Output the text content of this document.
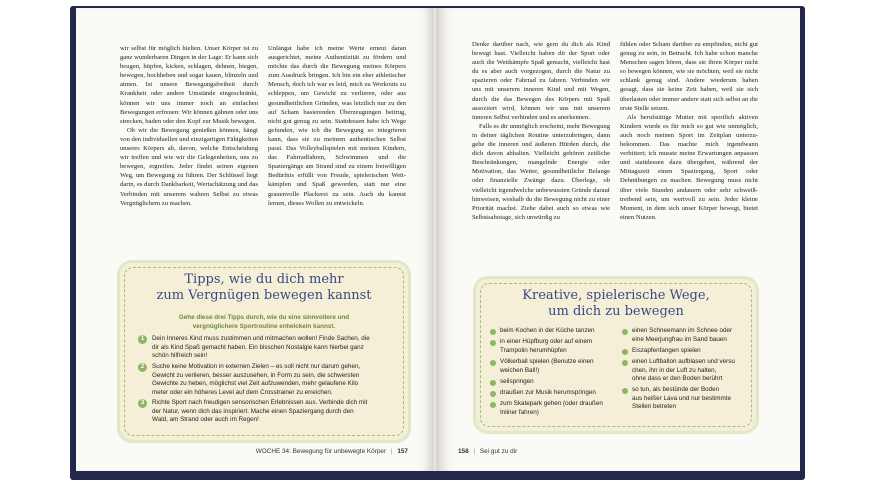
wir selbst für möglich hielten. Unser Körper ist zu ganz wunderbaren Dingen in der Lage: Er kann sich beugen, hüpfen, kicken, schlagen, dehnen, biegen, bewegen, hochheben und sogar kauen, blinzeln und atmen. Ist unsere Bewegungsfreiheit durch Krankheit oder andere Umstände eingeschränkt, können wir uns immer noch an einfachen Bewegungen erfreuen: Wir können gähnen oder uns strecken, baden oder den Kopf zur Musik bewegen.

Ob wir die Bewegung genießen können, hängt von den individuellen und einzigartigen Fähigkeiten unseres Körpers ab, davon, welche Entscheidung wir treffen und wie wir die Gelegenheiten, uns zu bewegen, ergreifen. Jeder findet seinen eigenen Weg, um Bewegung zu führen. Der Schlüssel liegt darin, es durch Dankbarkeit, Wertschätzung und das Verbinden mit unserem wahren Selbst zu etwas Vergnüglichem zu machen.

Unlängst habe ich meine Werte erneut daran ausgerichtet, meine Authentizität zu fördern und möchte das durch die Bewegung meines Körpers zum Ausdruck bringen. Ich bin ein eher athletischer Mensch, doch ich war es leid, mich zu Workouts zu schleppen, um Gewicht zu verlieren, oder aus gesundheitlichen Gründen, was letztlich nur zu den auf Scham basierenden Überzeugungen beitrug, nicht gut genug zu sein. Stattdessen habe ich Wege gefunden, wie ich die Bewegung so integrieren kann, dass sie zu meinem authentischen Selbst passt. Das Volleyballspielen mit meinen Kindern, das Fahrradfahren, Schwimmen und die Spaziergänge am Strand sind zu einem freiwilligen Bedürfnis erfüllt von Freude, spielerischen Wettkämpfen und Spaß geworden, statt nur eine grauenvolle Plackerei zu sein. Auch du kannst lernen, dieses Wollen zu entwickeln.

Tipps, wie du dich mehr
zum Vergnügen bewegen kannst
Gehe diese drei Tipps durch, wie du eine sinnvollere und
vergnüglichere Sportroutine entwickeln kannst.
1	Dein Inneres Kind muss zustimmen und mitmachen wollen! Finde Sachen, die
dir als Kind Spaß gemacht haben. Ein bisschen Nostalgie kann hierbei ganz
schön hilfreich sein!
2	Suche keine Motivation in externen Zielen – es soll nicht nur darum gehen,
Gewicht zu verlieren, besser auszusehen, in Form zu sein, die schwersten
Gewichte zu heben, möglichst viel Zeit aufzuwenden, mehr gelaufene Kilo
meter oder ein höheres Level auf dem Crosstrainer zu erreichen.
3	Richte Sport nach freudigen sensorischen Erlebnissen aus. Verbinde dich mit
der Natur, wenn dich das inspiriert. Mache einen Spaziergang durch den
Wald, am Strand oder auch im Regen!
WOCHE 34: Bewegung für unbewegte Körper | 157

Denke darüber nach, wie gern du dich als Kind bewegt hast. Vielleicht haben dir der Sport oder auch die Wettkämpfe Spaß gemacht, vielleicht hast du es aber auch vorgezogen, durch die Natur zu spazieren oder Fahrrad zu fahren. Verbinden wir uns mit unserem inneren Kind und mit Wegen, durch die das Bewegen des Körpers mit Spaß assoziiert wird, können wir uns mit unserem inneren Selbst verbinden und es anerkennen.

Falls es dir unmöglich erscheint, mehr Bewegung in deiner täglichen Routine unterzubringen, dann gehe die inneren und äußeren Hürden durch, die dich davon abhalten. Vielleicht gehören zeitliche Beschränkungen, mangelnde Energie oder Motivation, das Wetter, gesundheitliche Belange oder finanzielle Zwänge dazu. Überlege, ob vielleicht irgendwelche unbewussten Gründe darauf hinweisen, weshalb du die Bewegung nicht zu einer Priorität machst. Ziehe dabei auch so etwas wie Selbstsabotage, sich unwürdig zu

fühlen oder Scham darüber zu empfinden, nicht gut genug zu sein, in Betracht. Ich habe schon manche Menschen sagen hören, dass sie ihren Körper nicht so bewegen können, wie sie möchten, weil sie nicht schlank genug sind. Andere wiederum haben gesagt, dass sie keine Zeit haben, weil sie sich überlasten oder immer andere statt sich selbst an die erste Stelle setzen.

Als berufstätige Mutter mit sportlich aktiven Kindern wurde es für mich so gut wie unmöglich, auch noch meinen Sport im Zeitplan unterzubekommen. Das machte mich irgendwann verbittert; ich musste meine Erwartungen anpassen und stattdessen dazu übergehen, während der Mittagszeit einen Spaziergang, Sport oder Dehnübungen zu machen. Bewegung muss nicht über viele Stunden andauern oder sehr schweißtreibend sein, um wertvoll zu sein. Jeder kleine Moment, in dem sich unser Körper bewegt, bietet einen Nutzen.

Kreative, spielerische Wege,
um dich zu bewegen
beim Kochen in der Küche tanzen
in einer Hüpfburg oder auf einem
Trampolin herumhüpfen
Völkerball spielen (Benutze einen
weichen Ball!)
seilspringen
draußen zur Musik herumspringen
zum Skatepark gehen (oder draußen
Inliner fahren)
einen Schneemann im Schnee oder
eine Meerjungfrau im Sand bauen
Eiszapfenfangen spielen
einen Luftballon aufblasen und versu
chen, ihn in der Luft zu halten,
ohne dass er den Boden berührt
so tun, als bestünde der Boden
aus heißer Lava und nur bestimmte
Stellen betreten
158 | Sei gut zu dir
